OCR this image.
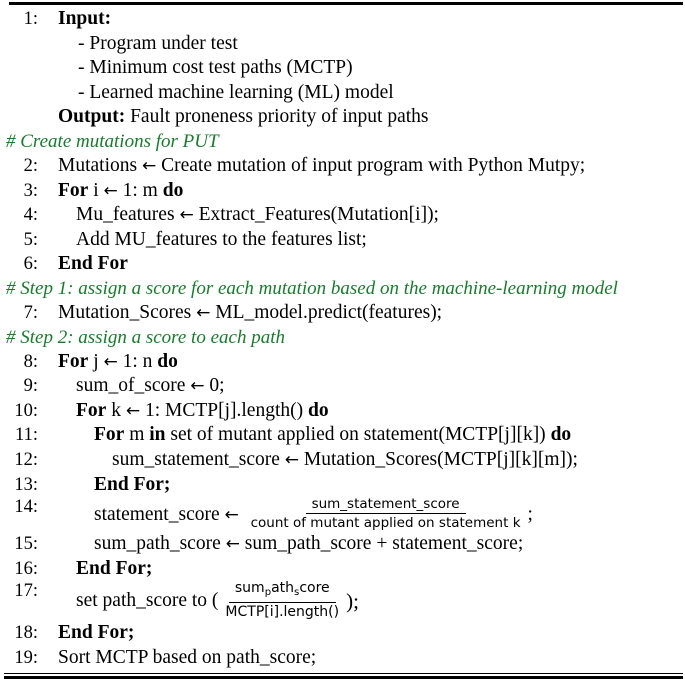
1:	Input:
- Program under test
- Minimum cost test paths (MCTP)
- Learned machine learning (ML) model
Output: Fault proneness priority of input paths
# Create mutations for PUT
2:	Mutations ← Create mutation of input program with Python Mutpy;
3:	For i ← 1: m do
4:	Mu_features ← Extract_Features(Mutation[i]);
5:	Add MU_features to the features list;
6:	End For
# Step 1: assign a score for each mutation based on the machine-learning model
7:	Mutation_Scores ← ML_model.predict(features);
# Step 2: assign a score to each path
8:	For j ← 1: n do
9:	sum_of_score ← 0;
10:	For k ← 1: MCTP[j].length() do
11:	For m in set of mutant applied on statement(MCTP[j][k]) do
12:	sum_statement_score ← Mutation_Scores(MCTP[j][k][m]);
13:	End For;
14:	statement_score
←
$\frac{\text{sum\_statement\_score}}{\text{count of mutant applied on statement k}}$ ;
15:	sum_path_score ← sum_path_score + statement_score;
16:	End For;
17:	set path_score to ( $\frac{sum_path_score}{\text{MCTP[i].length()}}$ );
18:	End For;
19:	Sort MCTP based on path_score;
